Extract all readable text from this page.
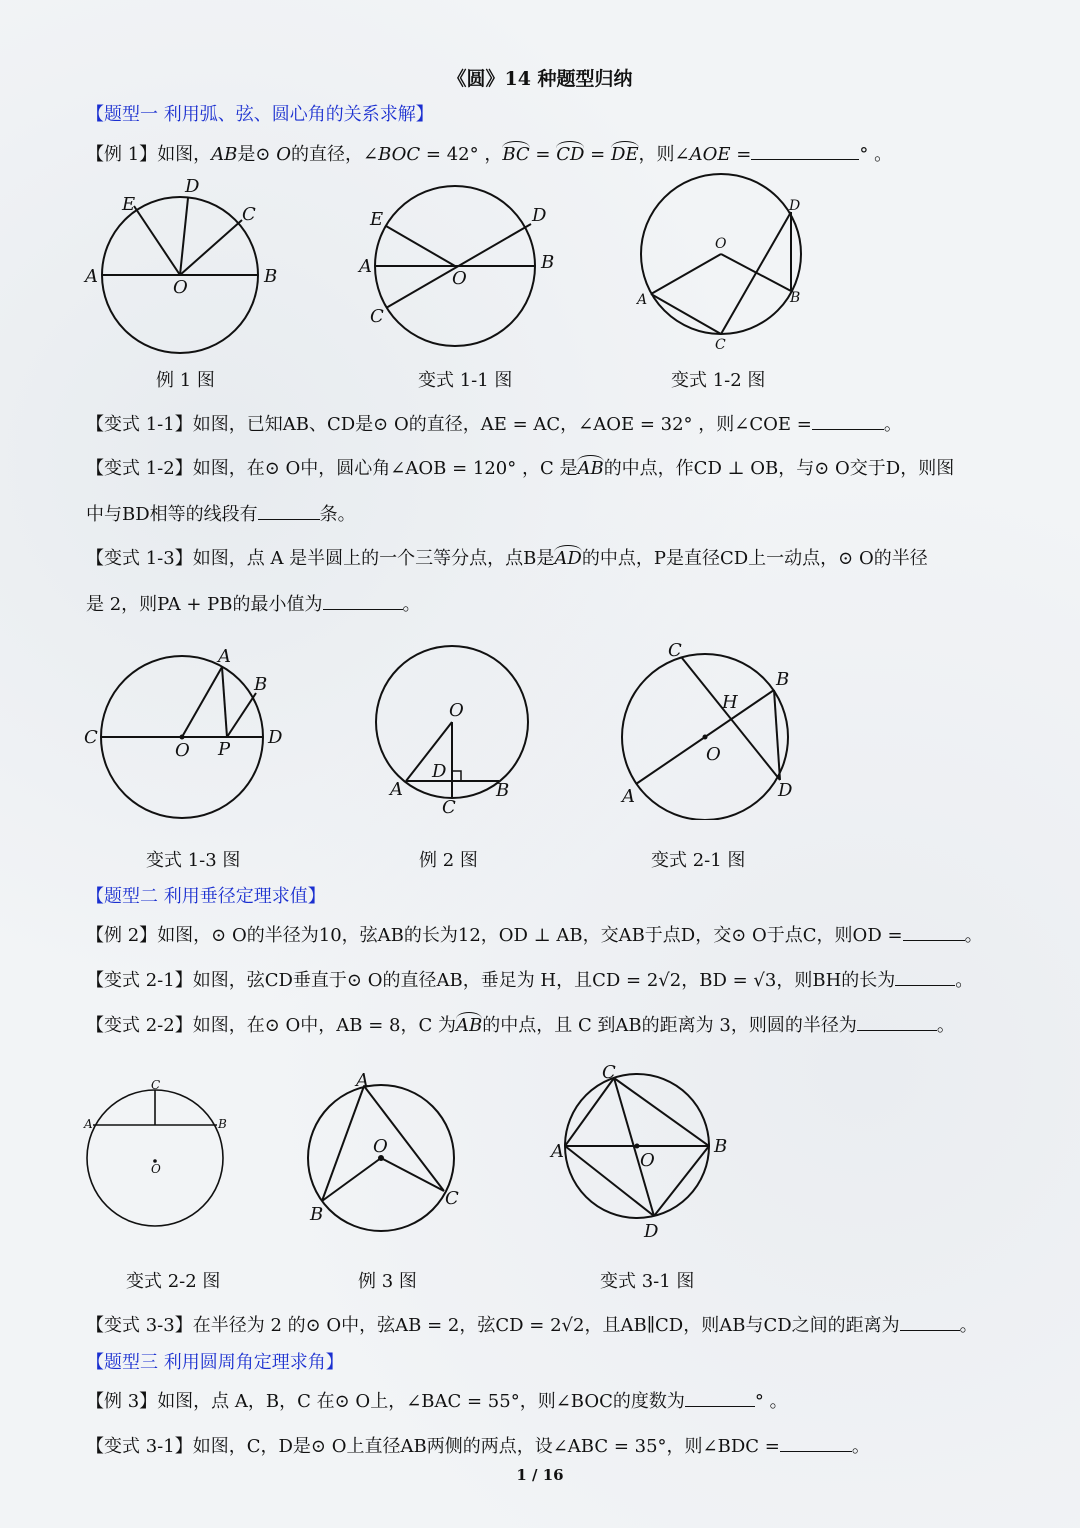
《圆》14 种题型归纳
【题型一 利用弧、弦、圆心角的关系求解】
【例 1】如图，AB是⊙ O的直径，∠BOC = 42° ，BC = CD = DE，则∠AOE =	° 。
A	B
C
D
E
O
A	B
C
D
E
O
O
A	B
C
D
例 1 图	变式 1-1 图	变式 1-2 图
【变式 1-1】如图，已知AB、CD是⊙ O的直径，AE = AC，∠AOE = 32° ，则∠COE =	。
【变式 1-2】如图，在⊙ O中，圆心角∠AOB = 120° ，C 是AB的中点，作CD ⊥ OB，与⊙ O交于D，则图
中与BD相等的线段有	条。
【变式 1-3】如图，点 A 是半圆上的一个三等分点，点B是AD的中点，P是直径CD上一动点，⊙ O的半径
是 2，则PA + PB的最小值为	。
C	D
A
B
O P
O
D
A	B
C
C
B
H
O
A	D
变式 1-3 图	例 2 图	变式 2-1 图
【题型二 利用垂径定理求值】
【例 2】如图，⊙ O的半径为10，弦AB的长为12，OD ⊥ AB，交AB于点D，交⊙ O于点C，则OD =	。
【变式 2-1】如图，弦CD垂直于⊙ O的直径AB，垂足为 H，且CD = 2√2，BD = √3，则BH的长为	。
【变式 2-2】如图，在⊙ O中，AB = 8，C 为AB的中点，且 C 到AB的距离为 3，则圆的半径为	。
C
A	B
O
A
O
B
C
C
A	B
O
D
变式 2-2 图	例 3 图	变式 3-1 图
【变式 3-3】在半径为 2 的⊙ O中，弦AB = 2，弦CD = 2√2，且AB∥CD，则AB与CD之间的距离为	。
【题型三 利用圆周角定理求角】
【例 3】如图，点 A，B，C 在⊙ O上，∠BAC = 55°，则∠BOC的度数为	° 。
【变式 3-1】如图，C，D是⊙ O上直径AB两侧的两点，设∠ABC = 35°，则∠BDC =	。
1 / 16
